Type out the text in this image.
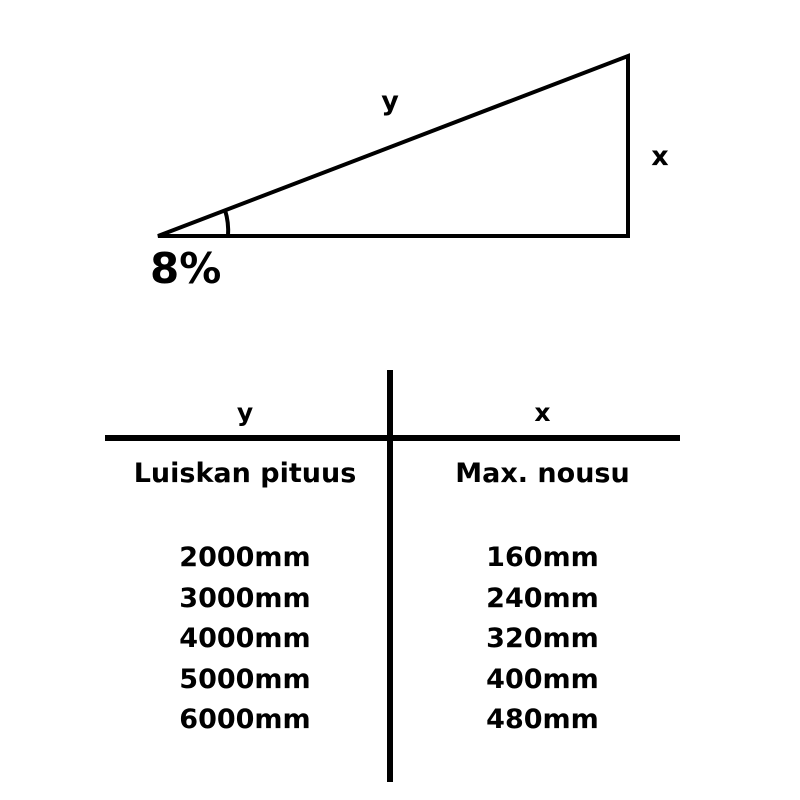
y
x
8%
y	x
Luiskan pituus	Max. nousu
2000mm
3000mm
4000mm
5000mm
6000mm
160mm
240mm
320mm
400mm
480mm
